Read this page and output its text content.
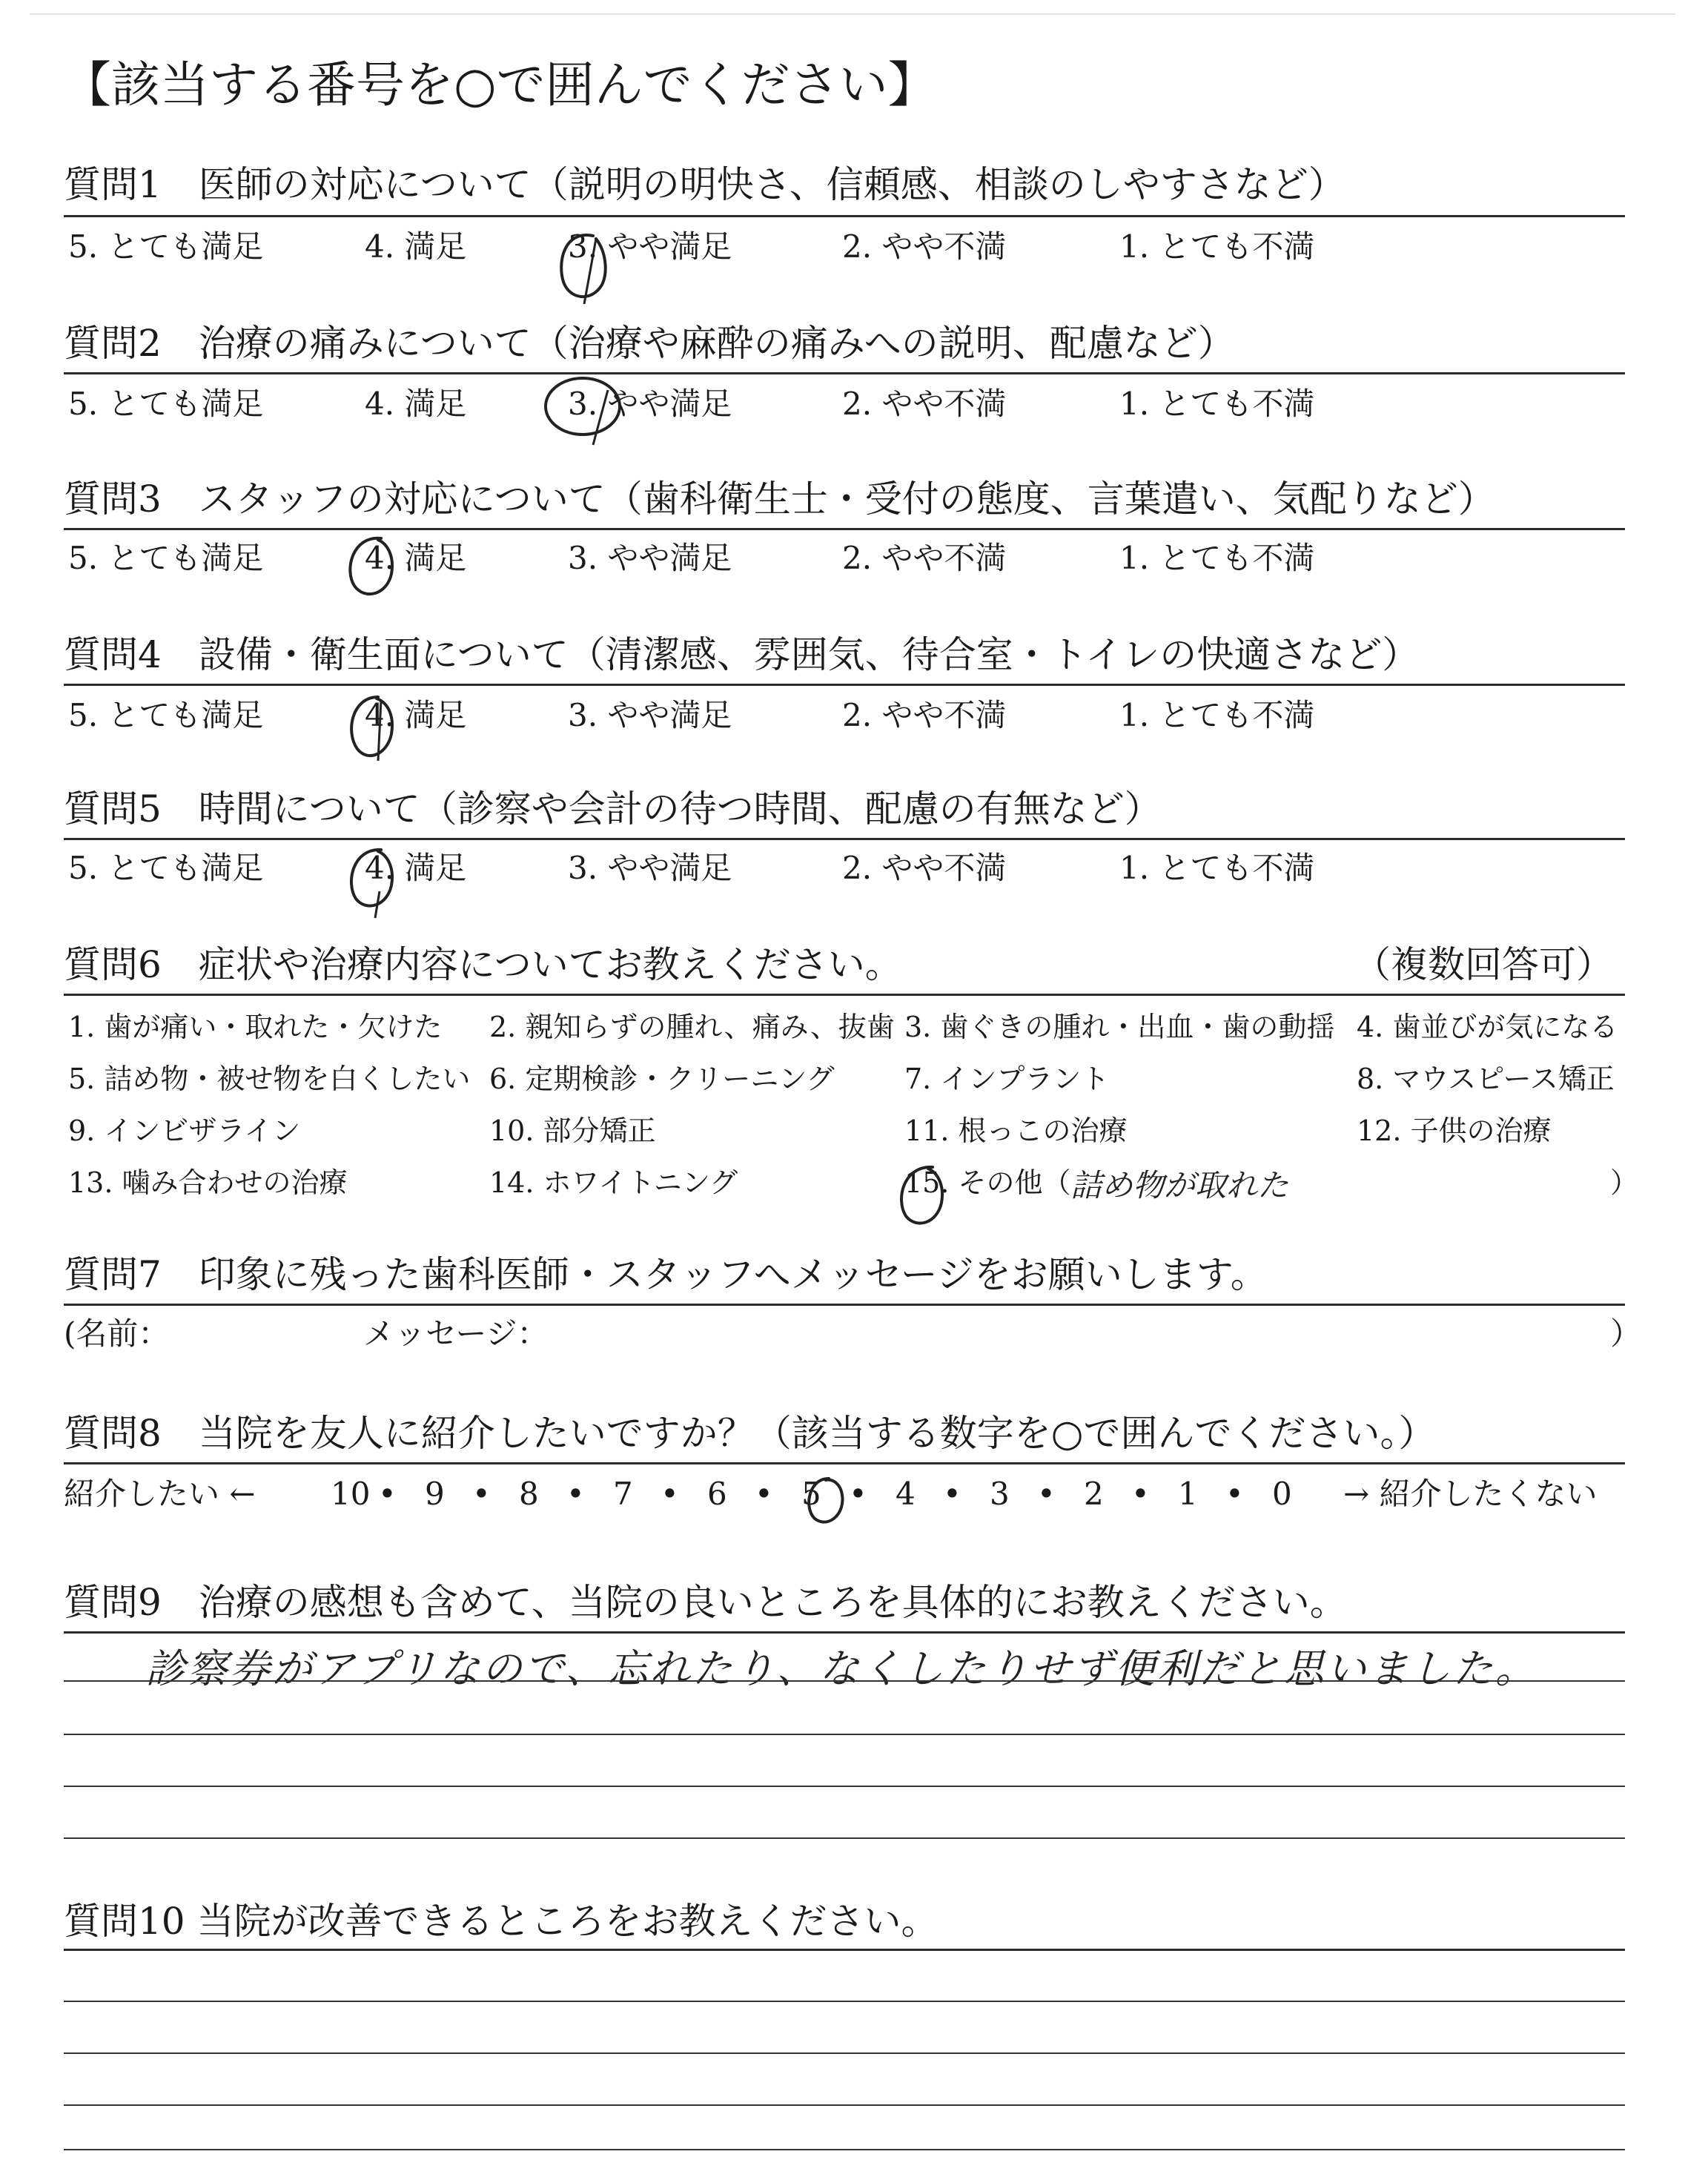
【該当する番号を○で囲んでください】
質問1　医師の対応について（説明の明快さ、信頼感、相談のしやすさなど）
5. とても満足	4. 満足	3. やや満足	2. やや不満	1. とても不満
質問2　治療の痛みについて（治療や麻酔の痛みへの説明、配慮など）
5. とても満足	4. 満足	3. やや満足	2. やや不満	1. とても不満
質問3　スタッフの対応について（歯科衛生士・受付の態度、言葉遣い、気配りなど）
5. とても満足	4. 満足	3. やや満足	2. やや不満	1. とても不満
質問4　設備・衛生面について（清潔感、雰囲気、待合室・トイレの快適さなど）
5. とても満足	4. 満足	3. やや満足	2. やや不満	1. とても不満
質問5　時間について（診察や会計の待つ時間、配慮の有無など）
5. とても満足	4. 満足	3. やや満足	2. やや不満	1. とても不満
質問6　症状や治療内容についてお教えください。	（複数回答可）
1. 歯が痛い・取れた・欠けた 2. 親知らずの腫れ、痛み、抜歯 3. 歯ぐきの腫れ・出血・歯の動揺 4. 歯並びが気になる
5. 詰め物・被せ物を白くしたい 6. 定期検診・クリーニング 7. インプラント	8. マウスピース矯正
9. インビザライン	10. 部分矯正	11. 根っこの治療	12. 子供の治療
13. 噛み合わせの治療	14. ホワイトニング	15. その他（ 詰め物が取れた	）
質問7　印象に残った歯科医師・スタッフへメッセージをお願いします。
(名前：	メッセージ：	）
質問8　当院を友人に紹介したいですか？（該当する数字を○で囲んでください。）
紹介したい ←	→ 紹介したくない
10 • 9 • 8 • 7 • 6 • 5 • 4 • 3 • 2 • 1 • 0
質問9　治療の感想も含めて、当院の良いところを具体的にお教えください。
診察券がアプリなので、忘れたり、なくしたりせず便利だと思いました。
質問10 当院が改善できるところをお教えください。
